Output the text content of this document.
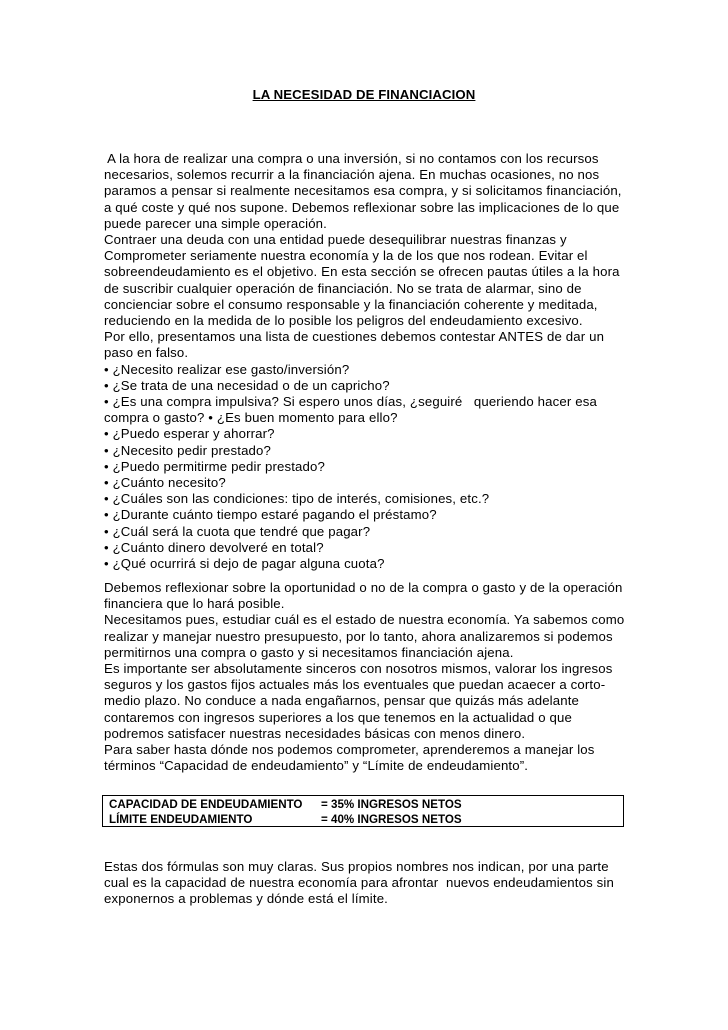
LA NECESIDAD DE FINANCIACION
A la hora de realizar una compra o una inversión, si no contamos con los recursos
necesarios, solemos recurrir a la financiación ajena. En muchas ocasiones, no nos
paramos a pensar si realmente necesitamos esa compra, y si solicitamos financiación,
a qué coste y qué nos supone. Debemos reflexionar sobre las implicaciones de lo que
puede parecer una simple operación.
Contraer una deuda con una entidad puede desequilibrar nuestras finanzas y
Comprometer seriamente nuestra economía y la de los que nos rodean. Evitar el
sobreendeudamiento es el objetivo. En esta sección se ofrecen pautas útiles a la hora
de suscribir cualquier operación de financiación. No se trata de alarmar, sino de
concienciar sobre el consumo responsable y la financiación coherente y meditada,
reduciendo en la medida de lo posible los peligros del endeudamiento excesivo.
Por ello, presentamos una lista de cuestiones debemos contestar ANTES de dar un
paso en falso.
• ¿Necesito realizar ese gasto/inversión?
• ¿Se trata de una necesidad o de un capricho?
• ¿Es una compra impulsiva? Si espero unos días, ¿seguiré   queriendo hacer esa
compra o gasto? • ¿Es buen momento para ello?
• ¿Puedo esperar y ahorrar?
• ¿Necesito pedir prestado?
• ¿Puedo permitirme pedir prestado?
• ¿Cuánto necesito?
• ¿Cuáles son las condiciones: tipo de interés, comisiones, etc.?
• ¿Durante cuánto tiempo estaré pagando el préstamo?
• ¿Cuál será la cuota que tendré que pagar?
• ¿Cuánto dinero devolveré en total?
• ¿Qué ocurrirá si dejo de pagar alguna cuota?
Debemos reflexionar sobre la oportunidad o no de la compra o gasto y de la operación
financiera que lo hará posible.
Necesitamos pues, estudiar cuál es el estado de nuestra economía. Ya sabemos como
realizar y manejar nuestro presupuesto, por lo tanto, ahora analizaremos si podemos
permitirnos una compra o gasto y si necesitamos financiación ajena.
Es importante ser absolutamente sinceros con nosotros mismos, valorar los ingresos
seguros y los gastos fijos actuales más los eventuales que puedan acaecer a corto-
medio plazo. No conduce a nada engañarnos, pensar que quizás más adelante
contaremos con ingresos superiores a los que tenemos en la actualidad o que
podremos satisfacer nuestras necesidades básicas con menos dinero.
Para saber hasta dónde nos podemos comprometer, aprenderemos a manejar los
términos “Capacidad de endeudamiento” y “Límite de endeudamiento”.
CAPACIDAD DE ENDEUDAMIENTO = 35% INGRESOS NETOS
LÍMITE ENDEUDAMIENTO	= 40% INGRESOS NETOS
Estas dos fórmulas son muy claras. Sus propios nombres nos indican, por una parte
cual es la capacidad de nuestra economía para afrontar  nuevos endeudamientos sin
exponernos a problemas y dónde está el límite.
